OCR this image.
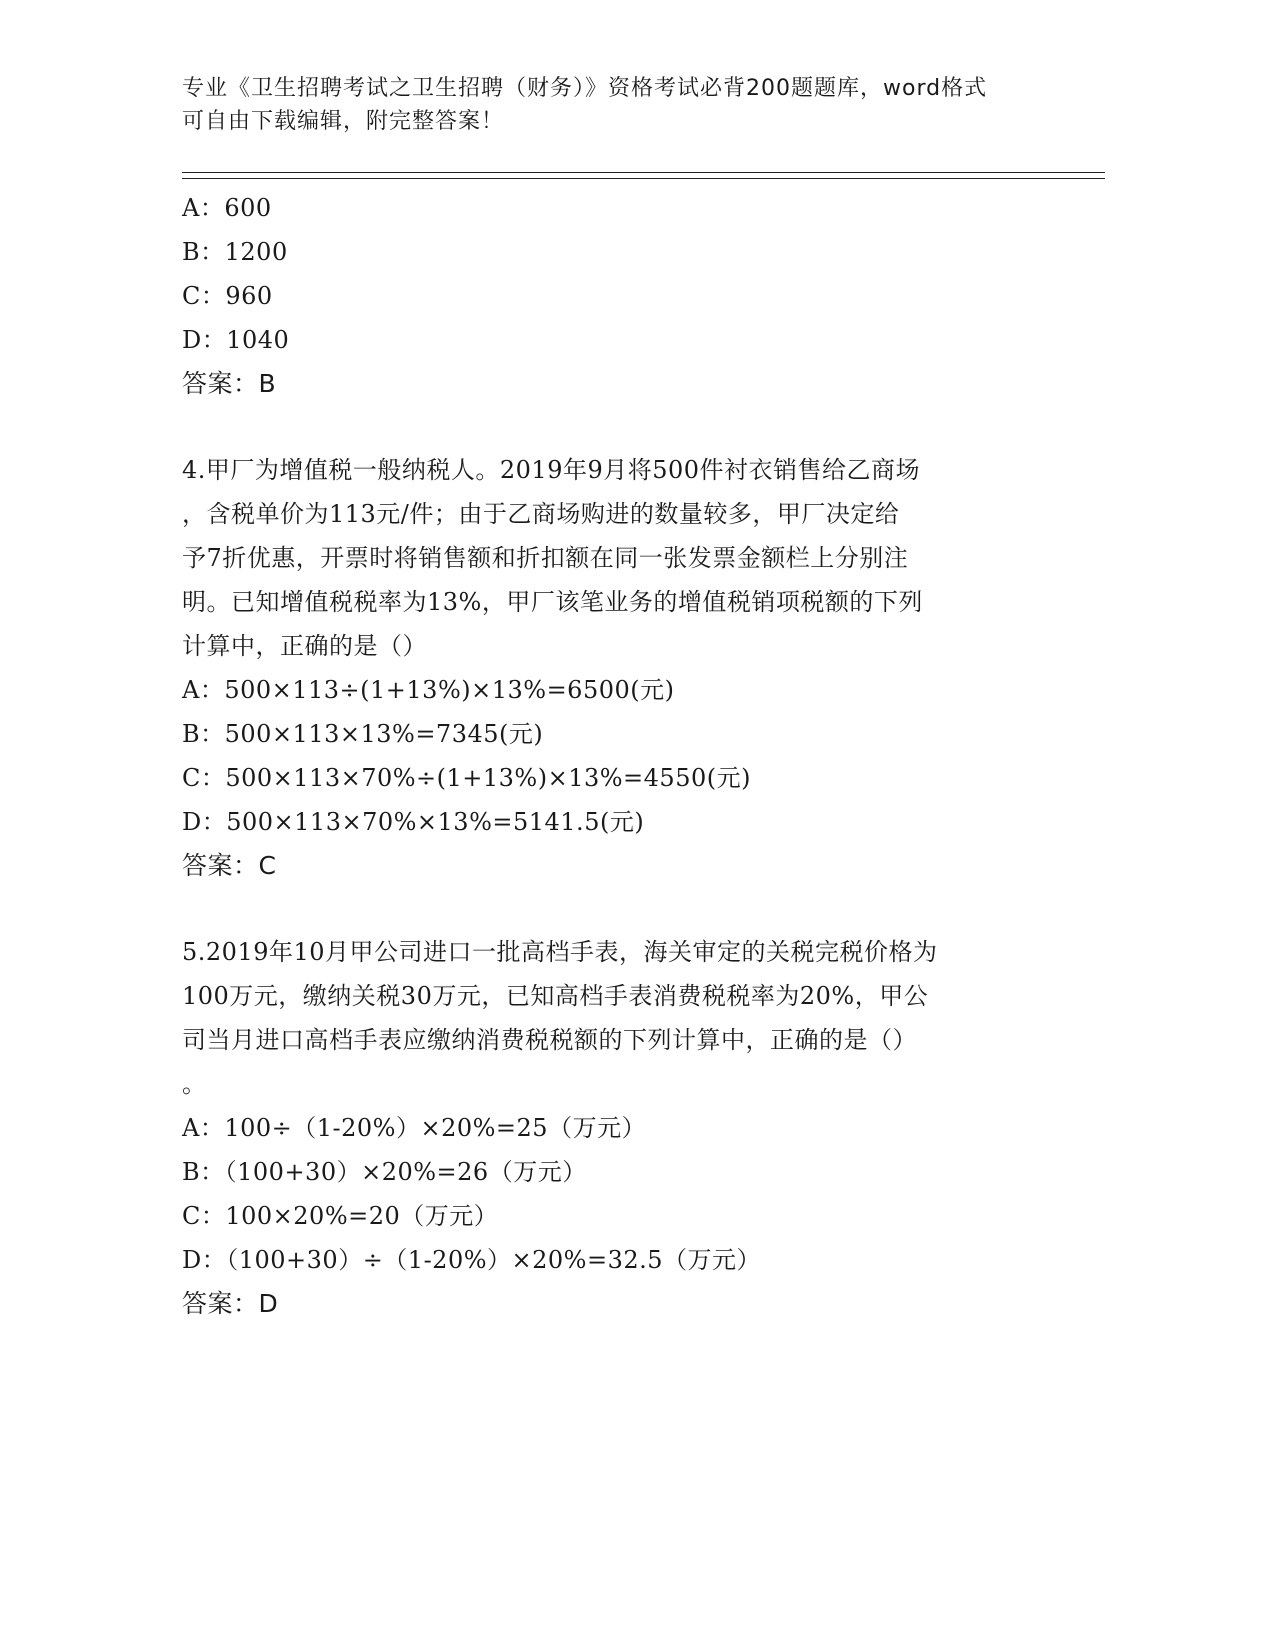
专业《卫生招聘考试之卫生招聘（财务）》资格考试必背200题题库，word格式
可自由下载编辑，附完整答案！
A：600
B：1200
C：960
D：1040
答案：B
4.甲厂为增值税一般纳税人。2019年9月将500件衬衣销售给乙商场
，含税单价为113元/件；由于乙商场购进的数量较多，甲厂决定给
予7折优惠，开票时将销售额和折扣额在同一张发票金额栏上分别注
明。已知增值税税率为13%，甲厂该笔业务的增值税销项税额的下列
计算中，正确的是（）
A：500×113÷(1+13%)×13%=6500(元)
B：500×113×13%=7345(元)
C：500×113×70%÷(1+13%)×13%=4550(元)
D：500×113×70%×13%=5141.5(元)
答案：C
5.2019年10月甲公司进口一批高档手表，海关审定的关税完税价格为
100万元，缴纳关税30万元，已知高档手表消费税税率为20%，甲公
司当月进口高档手表应缴纳消费税税额的下列计算中，正确的是（）
。
A：100÷（1-20%）×20%=25（万元）
B：（100+30）×20%=26（万元）
C：100×20%=20（万元）
D：（100+30）÷（1-20%）×20%=32.5（万元）
答案：D
